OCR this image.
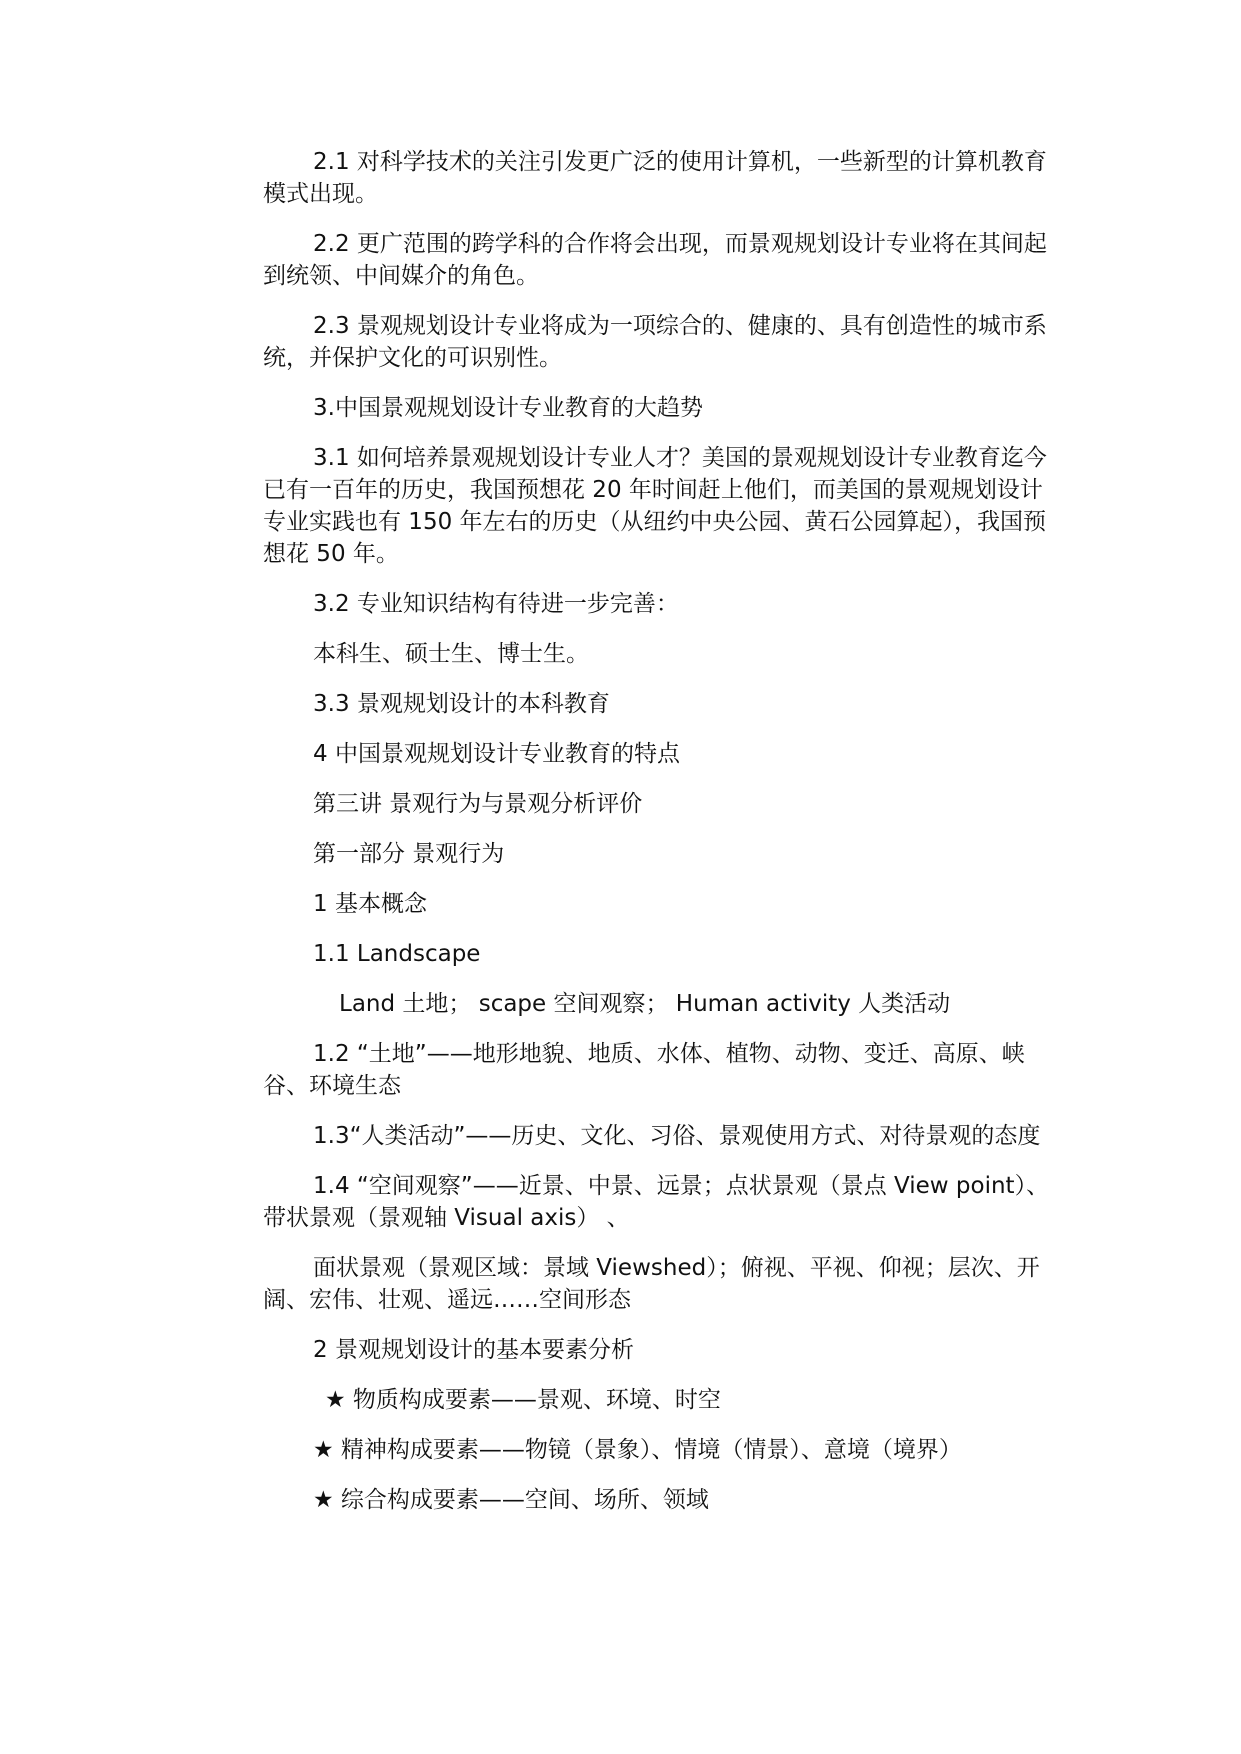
2.1 对科学技术的关注引发更广泛的使用计算机，一些新型的计算机教育模式出现。

2.2 更广范围的跨学科的合作将会出现，而景观规划设计专业将在其间起到统领、中间媒介的角色。

2.3 景观规划设计专业将成为一项综合的、健康的、具有创造性的城市系统，并保护文化的可识别性。

3.中国景观规划设计专业教育的大趋势

3.1 如何培养景观规划设计专业人才？美国的景观规划设计专业教育迄今已有一百年的历史，我国预想花 20 年时间赶上他们，而美国的景观规划设计专业实践也有 150 年左右的历史（从纽约中央公园、黄石公园算起），我国预想花 50 年。

3.2 专业知识结构有待进一步完善：

本科生、硕士生、博士生。

3.3 景观规划设计的本科教育

4 中国景观规划设计专业教育的特点

第三讲 景观行为与景观分析评价

第一部分 景观行为

1 基本概念

1.1 Landscape

Land 土地； scape 空间观察； Human activity 人类活动

1.2 “土地”——地形地貌、地质、水体、植物、动物、变迁、高原、峡谷、环境生态

1.3“人类活动”——历史、文化、习俗、景观使用方式、对待景观的态度

1.4 “空间观察”——近景、中景、远景；点状景观（景点 View point）、带状景观（景观轴 Visual axis） 、

面状景观（景观区域：景域 Viewshed）；俯视、平视、仰视；层次、开阔、宏伟、壮观、遥远……空间形态

2 景观规划设计的基本要素分析

★ 物质构成要素——景观、环境、时空

★ 精神构成要素——物镜（景象）、情境（情景）、意境（境界）

★ 综合构成要素——空间、场所、领域
